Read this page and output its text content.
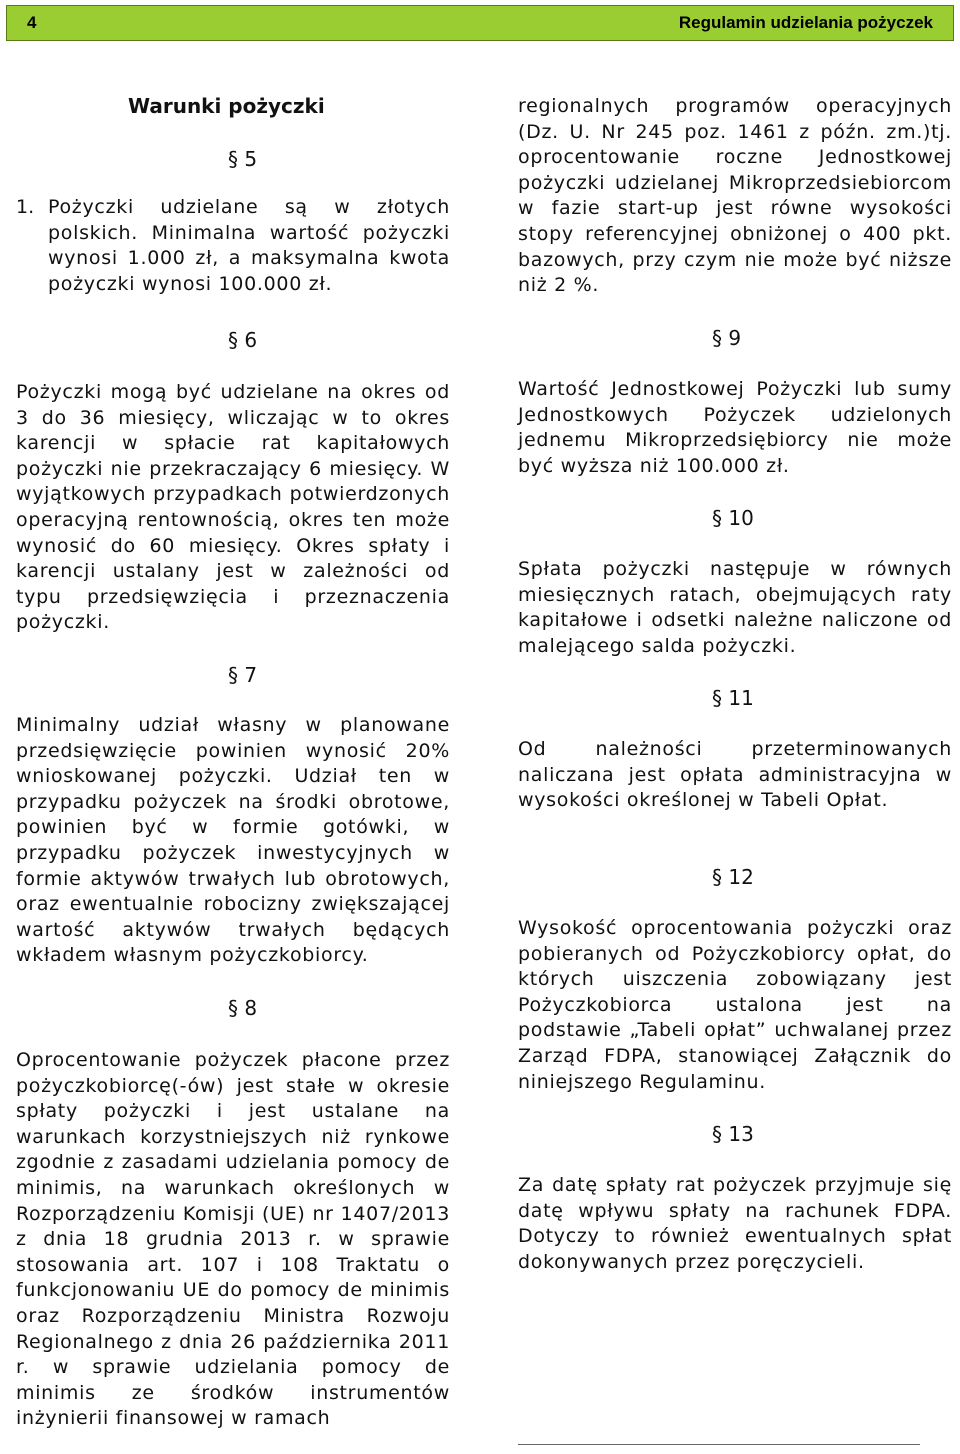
4	Regulamin udzielania pożyczek
Warunki pożyczki
§ 5
1. Pożyczki udzielane są w złotych polskich. Minimalna wartość pożyczki wynosi 1.000 zł, a maksymalna kwota pożyczki wynosi 100.000 zł.

§ 6

Pożyczki mogą być udzielane na okres od 3 do 36 miesięcy, wliczając w to okres karencji w spłacie rat kapitałowych pożyczki nie przekraczający 6 miesięcy. W wyjątkowych przypadkach potwierdzonych operacyjną rentownością, okres ten może wynosić do 60 miesięcy. Okres spłaty i karencji ustalany jest w zależności od typu przedsięwzięcia i przeznaczenia pożyczki.

§ 7

Minimalny udział własny w planowane przedsięwzięcie powinien wynosić 20% wnioskowanej pożyczki. Udział ten w przypadku pożyczek na środki obrotowe, powinien być w formie gotówki, w przypadku pożyczek inwestycyjnych w formie aktywów trwałych lub obrotowych, oraz ewentualnie robocizny zwiększającej wartość aktywów trwałych będących wkładem własnym pożyczkobiorcy.

§ 8

Oprocentowanie pożyczek płacone przez pożyczkobiorcę(-ów) jest stałe w okresie spłaty pożyczki i jest ustalane na warunkach korzystniejszych niż rynkowe zgodnie z zasadami udzielania pomocy de minimis, na warunkach określonych w Rozporządzeniu Komisji (UE) nr 1407/2013 z dnia 18 grudnia 2013 r. w sprawie stosowania art. 107 i 108 Traktatu o funkcjonowaniu UE do pomocy de minimis oraz Rozporządzeniu Ministra Rozwoju Regionalnego z dnia 26 października 2011 r. w sprawie udzielania pomocy de minimis ze środków instrumentów inżynierii finansowej w ramach

regionalnych programów operacyjnych (Dz. U. Nr 245 poz. 1461 z późn. zm.)tj. oprocentowanie roczne Jednostkowej pożyczki udzielanej Mikroprzedsiebiorcom w fazie start-up jest równe wysokości stopy referencyjnej obniżonej o 400 pkt. bazowych, przy czym nie może być niższe niż 2 %.

§ 9

Wartość Jednostkowej Pożyczki lub sumy Jednostkowych Pożyczek udzielonych jednemu Mikroprzedsiębiorcy nie może być wyższa niż 100.000 zł.

§ 10

Spłata pożyczki następuje w równych miesięcznych ratach, obejmujących raty kapitałowe i odsetki należne naliczone od malejącego salda pożyczki.

§ 11

Od należności przeterminowanych naliczana jest opłata administracyjna w wysokości określonej w Tabeli Opłat.

§ 12

Wysokość oprocentowania pożyczki oraz pobieranych od Pożyczkobiorcy opłat, do których uiszczenia zobowiązany jest Pożyczkobiorca ustalona jest na podstawie „Tabeli opłat” uchwalanej przez Zarząd FDPA, stanowiącej Załącznik do niniejszego Regulaminu.

§ 13

Za datę spłaty rat pożyczek przyjmuje się datę wpływu spłaty na rachunek FDPA. Dotyczy to również ewentualnych spłat dokonywanych przez poręczycieli.
